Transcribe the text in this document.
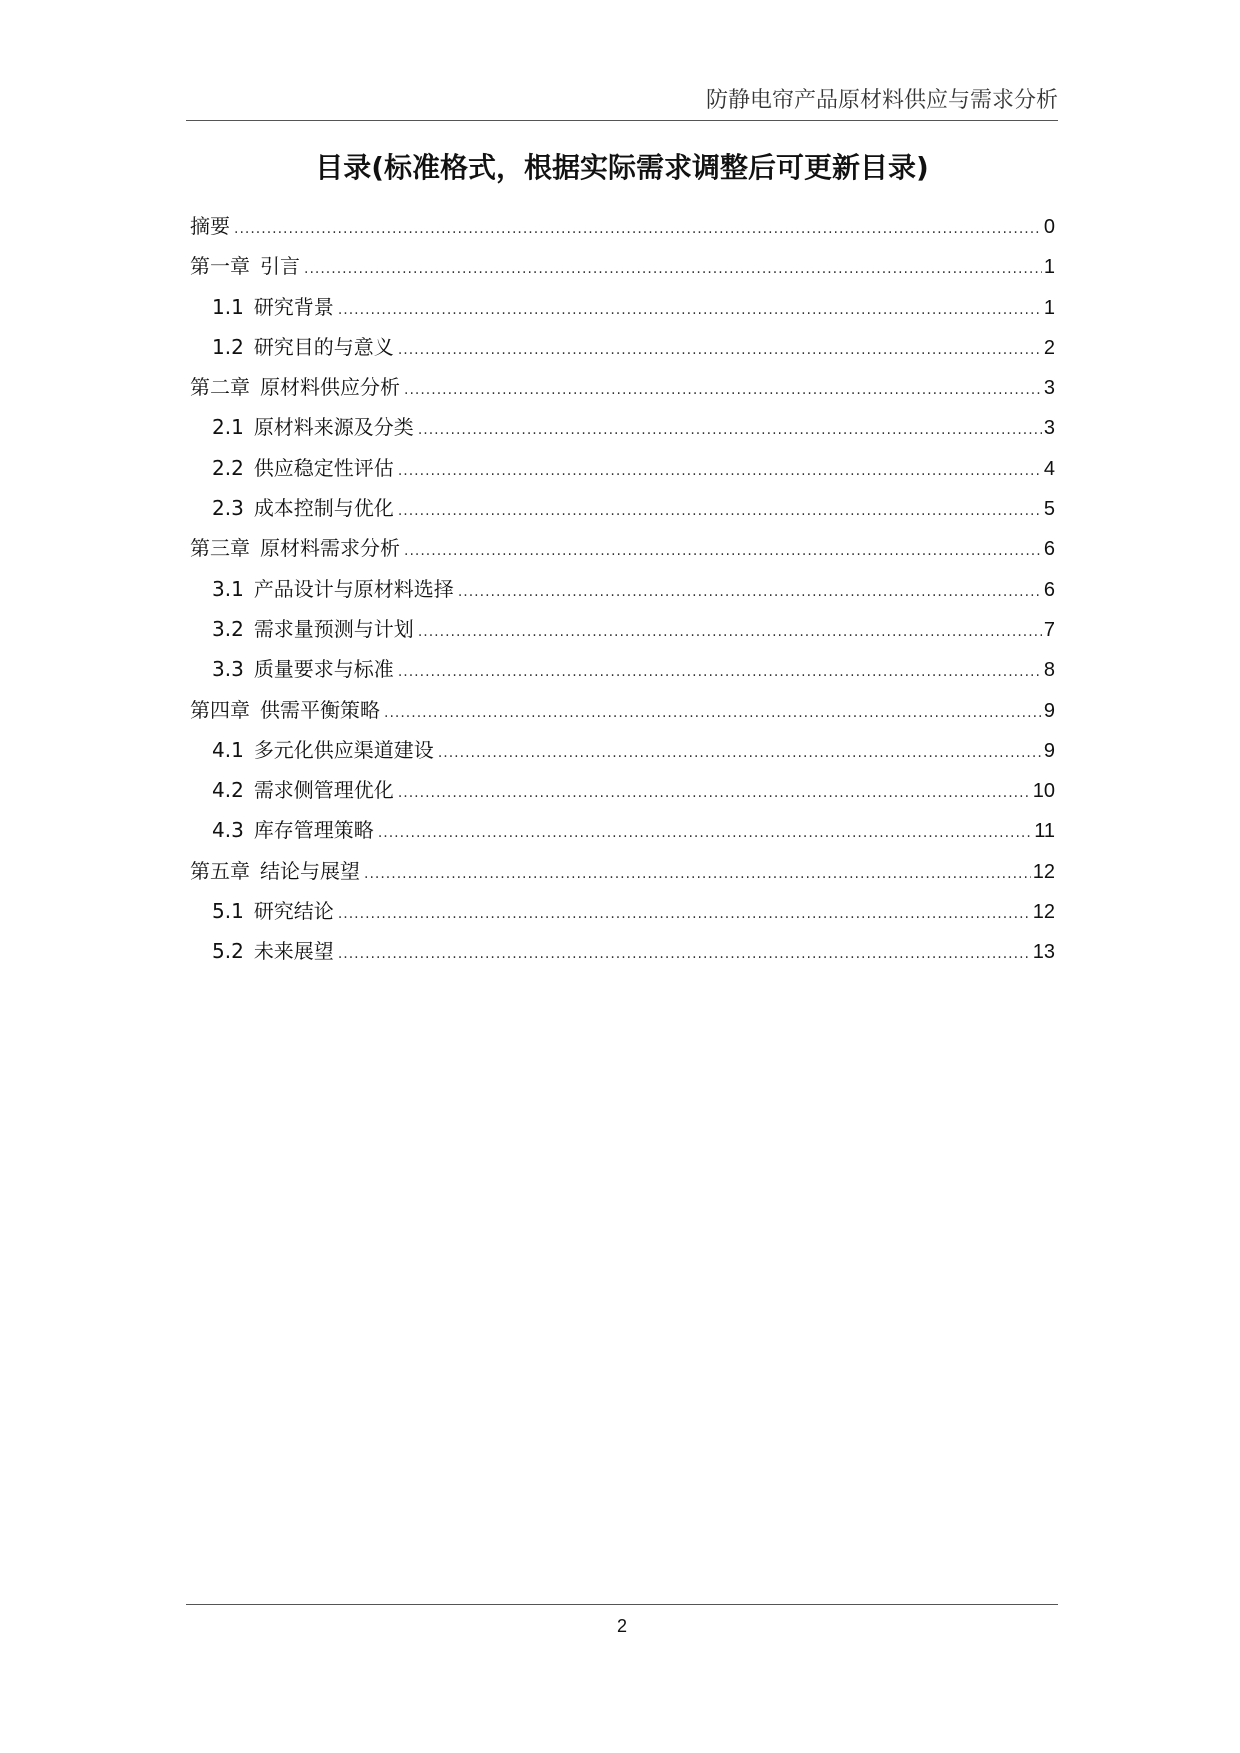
防静电帘产品原材料供应与需求分析
目录(标准格式，根据实际需求调整后可更新目录)
摘要 .....	0
第一章 引言 .....	1
1.1 研究背景 .....	1
1.2 研究目的与意义 .....	2
第二章 原材料供应分析 .....	3
2.1 原材料来源及分类 .....	3
2.2 供应稳定性评估 .....	4
2.3 成本控制与优化 .....	5
第三章 原材料需求分析 .....	6
3.1 产品设计与原材料选择 .....	6
3.2 需求量预测与计划 .....	7
3.3 质量要求与标准 .....	8
第四章 供需平衡策略 .....	9
4.1 多元化供应渠道建设 .....	9
4.2 需求侧管理优化 .....	10
4.3 库存管理策略 .....	11
第五章 结论与展望 .....	12
5.1 研究结论 .....	12
5.2 未来展望 .....	13
2
